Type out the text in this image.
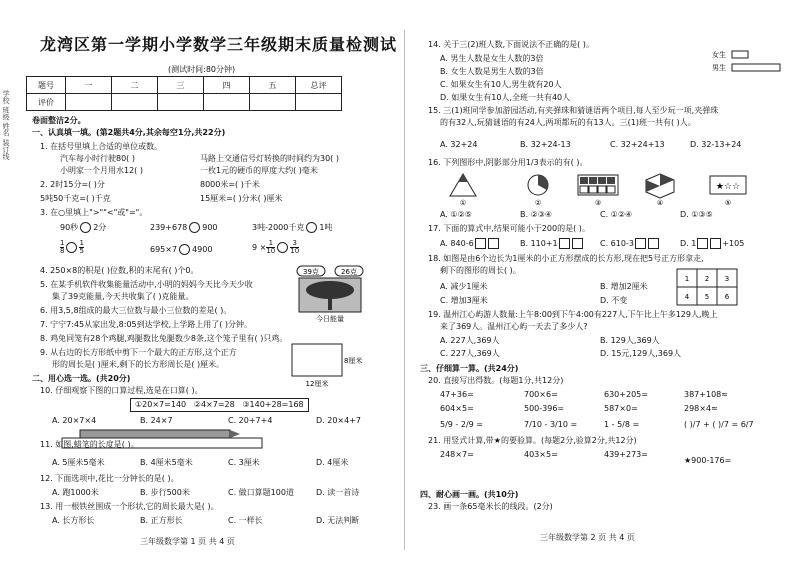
学校 班级 姓名 装订线
龙湾区第一学期小学数学三年级期末质量检测试
(测试时间:80分钟)
题号	一	二	三	四	五	总评
评价						
卷面整洁2分。
一、认真填一填。(第2题共4分,其余每空1分,共22分)
1. 在括号里填上合适的单位或数。
汽车每小时行驶80( )	马路上交通信号灯转换的时间约为30( )
小明家一个月用水12( )	一枚1元的硬币的厚度大约( )毫米
2. 2时15分=( )分	8000米=( )千米
5吨50千克=( )千克	15厘米=( )分米( )厘米
3. 在○里填上">""<"或"="。
90秒 2分	239+678 900	3吨-2000千克 1吨
$\frac{1}{8} \frac{1}{5}$	695×7 4900	$9 \times \frac{1}{10} \frac{3}{10}$
4. 250×8的积是( )位数,积的末尾有( )个0。
5. 在某手机软件收集能量活动中,小明的妈妈今天比今天少收
集了39克能量,今天共收集了( )克能量。
39克	26克
今日能量
6. 用3,5,8组成的最大三位数与最小三位数的差是( )。
7. 宁宁7:45从家出发,8:05到达学校,上学路上用了( )分钟。
8. 鸡兔同笼有28个鸡腿,鸡腿数比兔腿数少8条,这个笼子里有( )只鸡。
9. 从右边的长方形纸中剪下一个最大的正方形,这个正方
形的周长是( )厘米,剩下的长方形周长是( )厘米。	8厘米
12厘米
二、用心选一选。(共20分)
10. 仔细观察下图的口算过程,选是在口算( )。
①20×7=140 ②4×7=28 ③140+28=168
A. 20×7×4	B. 24×7	C. 20+7+4	D. 20×4+7
11. 如图,蜡笔的长度是( )。
A. 5厘米5毫米	B. 4厘米5毫米	C. 3厘米	D. 4厘米
12. 下面选项中,花比一分钟长的是( )。
A. 跑1000米	B. 步行500米	C. 做口算题100道	D. 读一首诗
13. 用一根铁丝围成一个形状,它的周长最大是( )。
A. 长方形长	B. 正方形长	C. 一样长	D. 无法判断
三年级数学第 1 页 共 4 页
14. 关于三(2)班人数,下面说法不正确的是( )。
女生
男生
A. 男生人数是女生人数的3倍
B. 女生人数是男生人数的3倍
C. 如果女生有10人,男生就有20人
D. 如果女生有10人,全班一共有40人
15. 三(1)班同学参加游园活动,有夹弹珠和猜谜语两个项目,每人至少玩一项,夹弹珠
的有32人,玩猜谜语的有24人,两项都玩的有13人。三(1)班一共有( )人。
A. 32+24	B. 32+24-13	C. 32+24+13	D. 32-13+24
16. 下列图形中,阴影部分用1/3表示的有( )。
①	②	③	④
★☆☆
⑤
A. ①②⑤	B. ②③④	C. ①②④	D. ①③⑤
17. 下面的算式中,结果可能小于200的是( )。
A. 840-6	B. 110+1	C. 610-3	D. 1	+105
18. 如图是由6个边长为1厘米的小正方形摆成的长方形,现在把5号正方形拿走,
剩下的图形的周长( )。
1 2 3
4 5 6
A. 减少1厘米	B. 增加2厘米
C. 增加3厘米	D. 不变
19. 温州江心屿游人数量:上午8:00到下午4:00有227人,下午比上午多129人,晚上
来了369人。温州江心屿一天去了多少人?
A. 227人,369人	B. 129人,369人
C. 227人,369人	D. 15元,129人,369人
三、仔细算一算。(共24分)
20. 直接写出得数。(每题1分,共12分)
47+36=	700×6=	630+205=	387+108≈
604×5=	500-396=	587×0=	298×4≈
5/9 - 2/9 =	7/10 - 3/10 =	1 - 5/8 =	( )/7 + ( )/7 = 6/7
21. 用竖式计算,带★的要验算。(每题2分,验算2分,共12分)
248×7=	403×5=	439+273=
★900-176=
四、耐心画一画。(共10分)
23. 画一条65毫米长的线段。(2分)
三年级数学第 2 页 共 4 页
